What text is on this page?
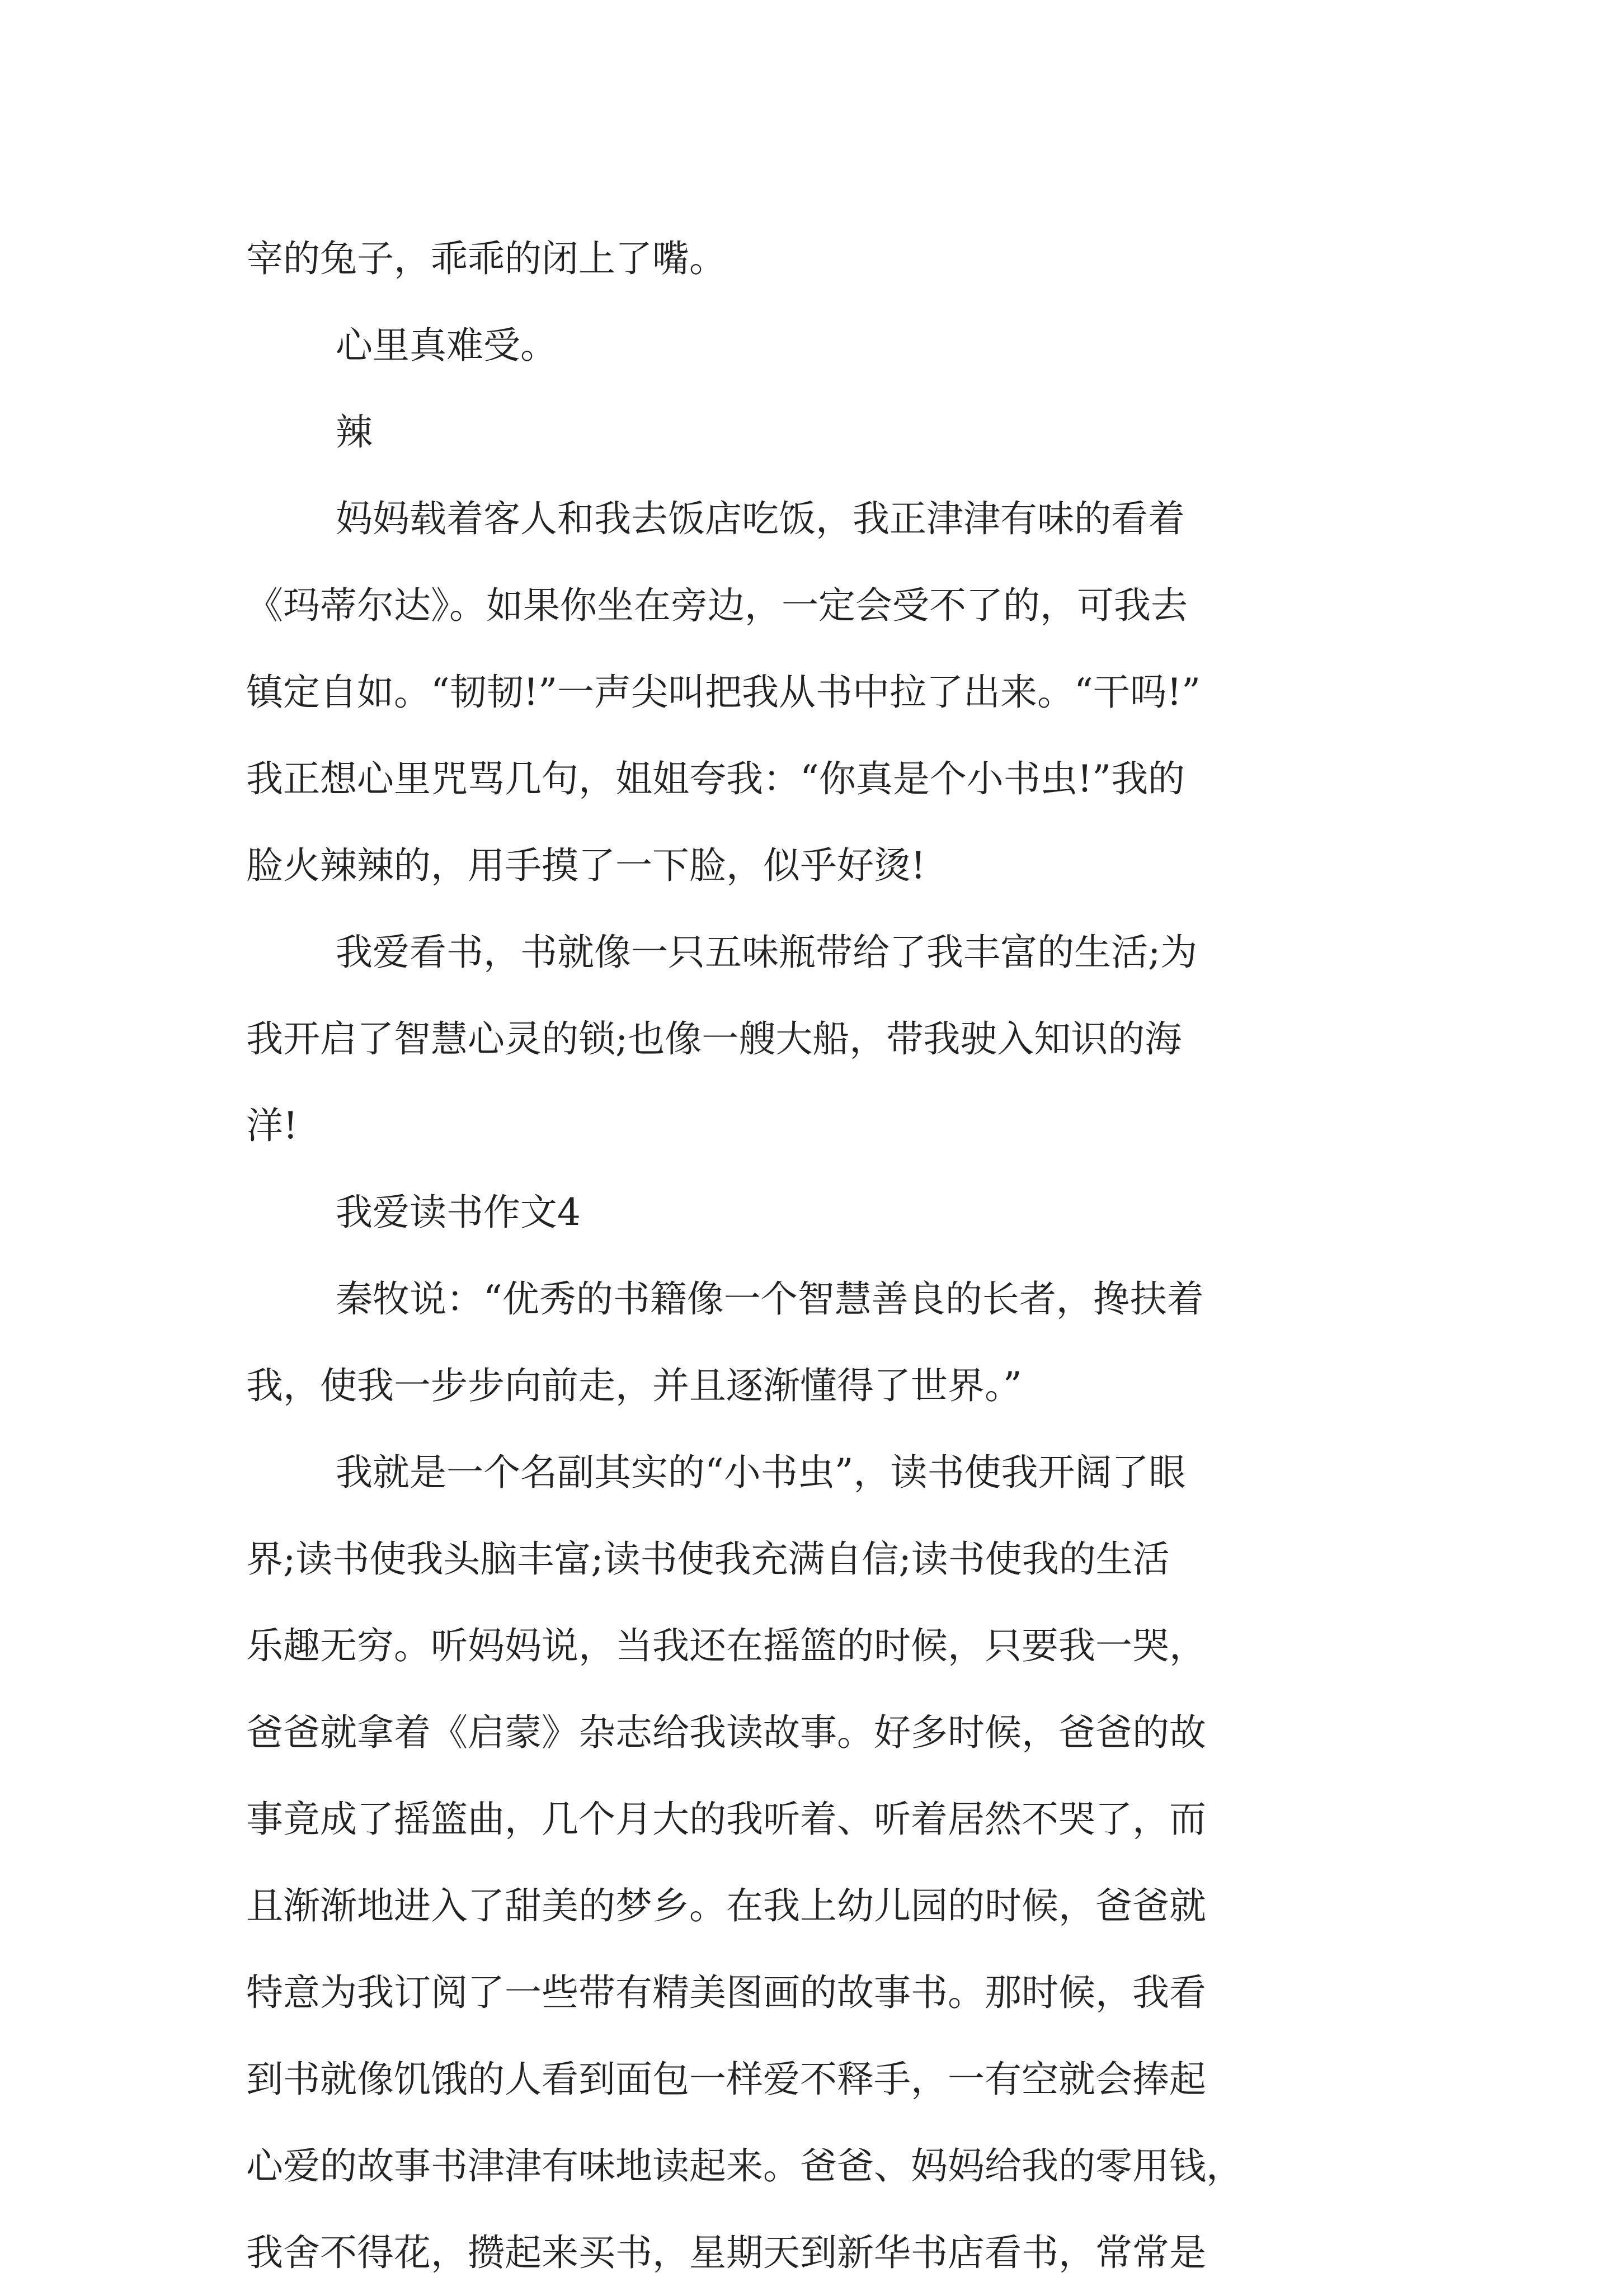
宰的兔子，乖乖的闭上了嘴。
心里真难受。
辣
妈妈载着客人和我去饭店吃饭，我正津津有味的看着
《玛蒂尔达》。如果你坐在旁边，一定会受不了的，可我去
镇定自如。“韧韧!”一声尖叫把我从书中拉了出来。“干吗!”
我正想心里咒骂几句，姐姐夸我：“你真是个小书虫!”我的
脸火辣辣的，用手摸了一下脸，似乎好烫!
我爱看书，书就像一只五味瓶带给了我丰富的生活;为
我开启了智慧心灵的锁;也像一艘大船，带我驶入知识的海
洋!
我爱读书作文4
秦牧说：“优秀的书籍像一个智慧善良的长者，搀扶着
我，使我一步步向前走，并且逐渐懂得了世界。”
我就是一个名副其实的“小书虫”，读书使我开阔了眼
界;读书使我头脑丰富;读书使我充满自信;读书使我的生活
乐趣无穷。听妈妈说，当我还在摇篮的时候，只要我一哭，
爸爸就拿着《启蒙》杂志给我读故事。好多时候，爸爸的故
事竟成了摇篮曲，几个月大的我听着、听着居然不哭了，而
且渐渐地进入了甜美的梦乡。在我上幼儿园的时候，爸爸就
特意为我订阅了一些带有精美图画的故事书。那时候，我看
到书就像饥饿的人看到面包一样爱不释手，一有空就会捧起
心爱的故事书津津有味地读起来。爸爸、妈妈给我的零用钱，
我舍不得花，攒起来买书，星期天到新华书店看书，常常是
